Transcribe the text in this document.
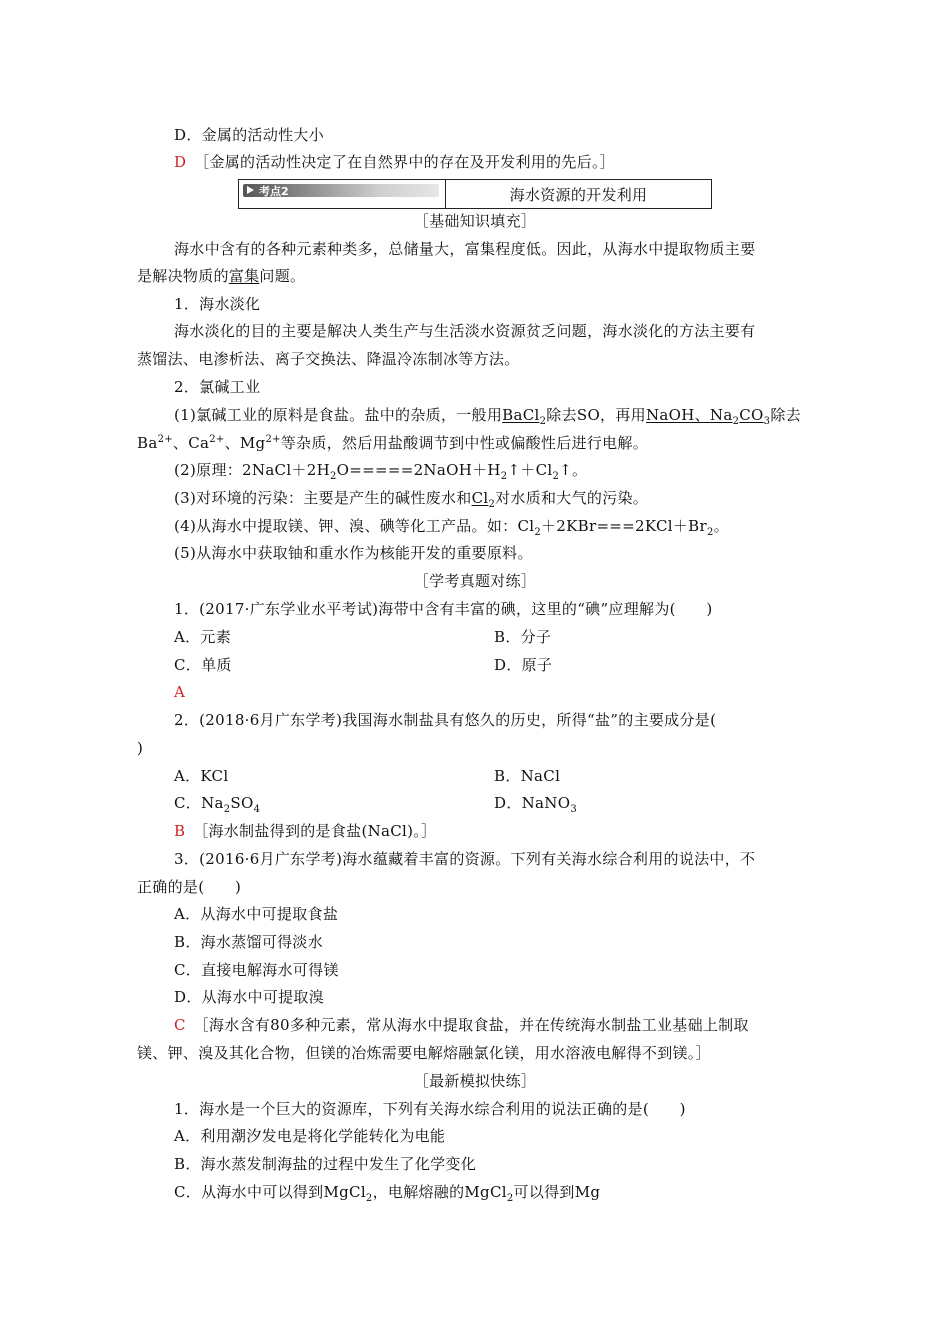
D．金属的活动性大小
D　 ［金属的活动性决定了在自然界中的存在及开发利用的先后。］
考点2	海水资源的开发利用
［基础知识填充］
海水中含有的各种元素种类多，总储量大，富集程度低。因此，从海水中提取物质主要
是解决物质的富集问题。
1．海水淡化
海水淡化的目的主要是解决人类生产与生活淡水资源贫乏问题，海水淡化的方法主要有
蒸馏法、电渗析法、离子交换法、降温冷冻制冰等方法。
2．氯碱工业
(1)氯碱工业的原料是食盐。盐中的杂质，一般用BaCl$_2$除去SO，再用NaOH、$Na_2CO_3$除去
$Ba^{2+}$、$Ca^{2+}$、$Mg^{2+}$等杂质，然后用盐酸调节到中性或偏酸性后进行电解。
(2)原理：$2NaCl+2H_2O=====2NaOH+H_2↑+Cl_2↑$。
(3)对环境的污染：主要是产生的碱性废水和$Cl_2$对水质和大气的污染。
(4)从海水中提取镁、钾、溴、碘等化工产品。如：$Cl_2+2KBr===2KCl+Br_2$。
(5)从海水中获取铀和重水作为核能开发的重要原料。
［学考真题对练］
1．(2017·广东学业水平考试)海带中含有丰富的碘，这里的“碘”应理解为(　　)
A．元素	B．分子
C．单质	D．原子
A
2．(2018·6月广东学考)我国海水制盐具有悠久的历史，所得“盐”的主要成分是(
)
A．KCl	B．NaCl
C．$Na_2SO_4$	D．NaNO$_3$
B　 ［海水制盐得到的是食盐(NaCl)。］
3．(2016·6月广东学考)海水蕴藏着丰富的资源。下列有关海水综合利用的说法中，不
正确的是(　　)
A．从海水中可提取食盐
B．海水蒸馏可得淡水
C．直接电解海水可得镁
D．从海水中可提取溴
C　 ［海水含有80多种元素，常从海水中提取食盐，并在传统海水制盐工业基础上制取
镁、钾、溴及其化合物，但镁的冶炼需要电解熔融氯化镁，用水溶液电解得不到镁。］
［最新模拟快练］
1．海水是一个巨大的资源库，下列有关海水综合利用的说法正确的是(　　)
A．利用潮汐发电是将化学能转化为电能
B．海水蒸发制海盐的过程中发生了化学变化
C．从海水中可以得到MgCl$_2$，电解熔融的MgCl$_2$可以得到Mg
